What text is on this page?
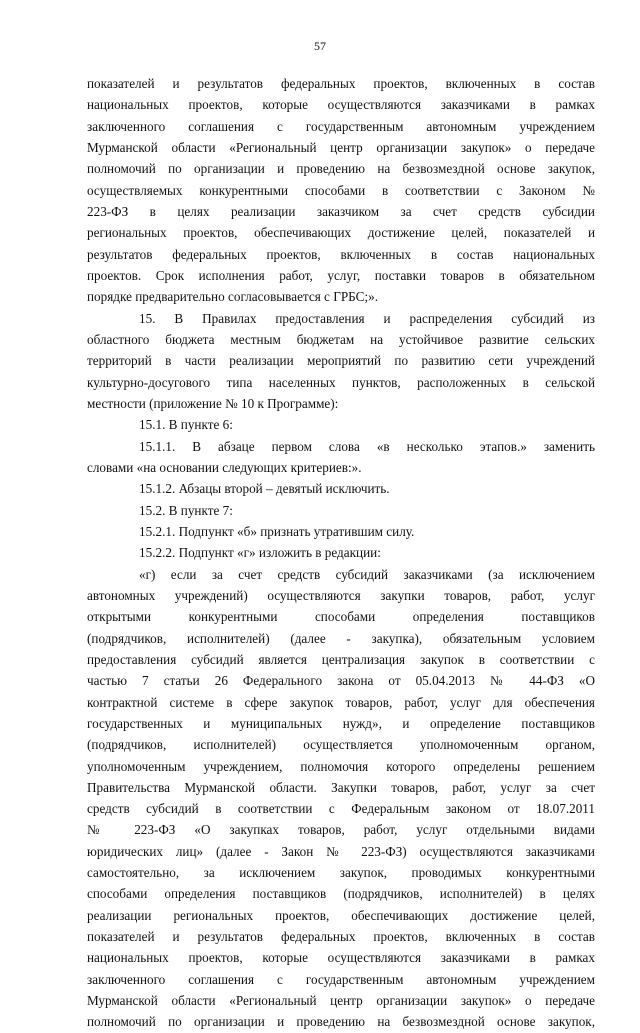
57
показателей и результатов федеральных проектов, включенных в состав
национальных проектов, которые осуществляются заказчиками в рамках
заключенного соглашения с государственным автономным учреждением
Мурманской области «Региональный центр организации закупок» о передаче
полномочий по организации и проведению на безвозмездной основе закупок,
осуществляемых конкурентными способами в соответствии с Законом №
223-ФЗ в целях реализации заказчиком за счет средств субсидии
региональных проектов, обеспечивающих достижение целей, показателей и
результатов федеральных проектов, включенных в состав национальных
проектов. Срок исполнения работ, услуг, поставки товаров в обязательном
порядке предварительно согласовывается с ГРБС;».
15. В Правилах предоставления и распределения субсидий из
областного бюджета местным бюджетам на устойчивое развитие сельских
территорий в части реализации мероприятий по развитию сети учреждений
культурно-досугового типа населенных пунктов, расположенных в сельской
местности (приложение № 10 к Программе):
15.1. В пункте 6:
15.1.1. В абзаце первом слова «в несколько этапов.» заменить
словами «на основании следующих критериев:».
15.1.2. Абзацы второй – девятый исключить.
15.2. В пункте 7:
15.2.1. Подпункт «б» признать утратившим силу.
15.2.2. Подпункт «г» изложить в редакции:
«г) если за счет средств субсидий заказчиками (за исключением
автономных учреждений) осуществляются закупки товаров, работ, услуг
открытыми конкурентными способами определения поставщиков
(подрядчиков, исполнителей) (далее - закупка), обязательным условием
предоставления субсидий является централизация закупок в соответствии с
частью 7 статьи 26 Федерального закона от 05.04.2013 № 44-ФЗ «О
контрактной системе в сфере закупок товаров, работ, услуг для обеспечения
государственных и муниципальных нужд», и определение поставщиков
(подрядчиков, исполнителей) осуществляется уполномоченным органом,
уполномоченным учреждением, полномочия которого определены решением
Правительства Мурманской области. Закупки товаров, работ, услуг за счет
средств субсидий в соответствии с Федеральным законом от 18.07.2011
№ 223-ФЗ «О закупках товаров, работ, услуг отдельными видами
юридических лиц» (далее - Закон № 223-ФЗ) осуществляются заказчиками
самостоятельно, за исключением закупок, проводимых конкурентными
способами определения поставщиков (подрядчиков, исполнителей) в целях
реализации региональных проектов, обеспечивающих достижение целей,
показателей и результатов федеральных проектов, включенных в состав
национальных проектов, которые осуществляются заказчиками в рамках
заключенного соглашения с государственным автономным учреждением
Мурманской области «Региональный центр организации закупок» о передаче
полномочий по организации и проведению на безвозмездной основе закупок,
